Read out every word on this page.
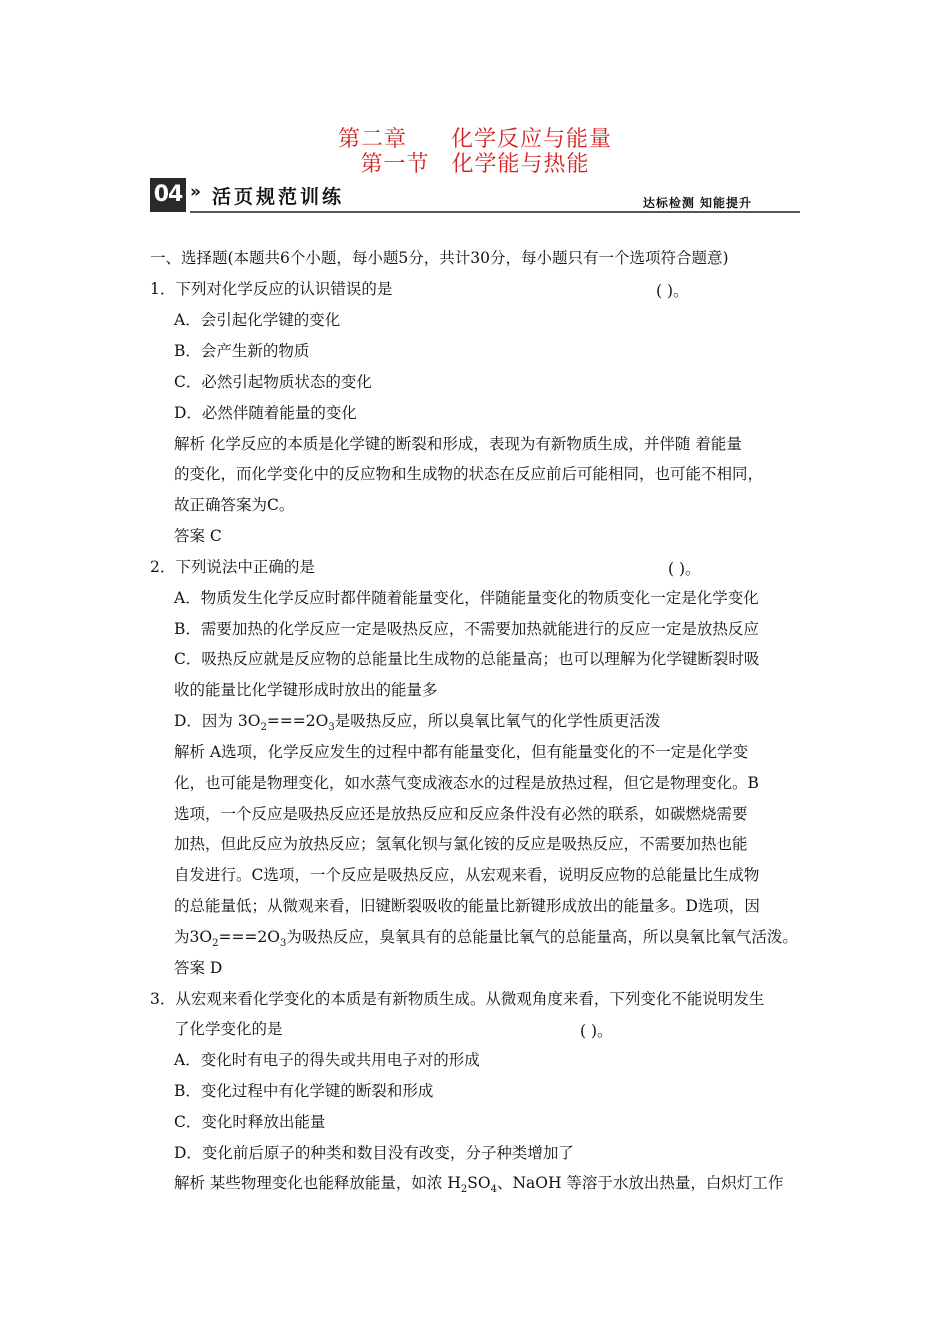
第二章 化学反应与能量
第一节 化学能与热能
04 » 活页规范训练	达标检测 知能提升
一、选择题(本题共6个小题，每小题5分，共计30分，每小题只有一个选项符合题意)
1．下列对化学反应的认识错误的是	( )。
A．会引起化学键的变化
B．会产生新的物质
C．必然引起物质状态的变化
D．必然伴随着能量的变化
解析 化学反应的本质是化学键的断裂和形成，表现为有新物质生成，并伴随 着能量
的变化，而化学变化中的反应物和生成物的状态在反应前后可能相同，也可能不相同，
故正确答案为C。
答案 C
2．下列说法中正确的是	( )。
A．物质发生化学反应时都伴随着能量变化，伴随能量变化的物质变化一定是化学变化
B．需要加热的化学反应一定是吸热反应，不需要加热就能进行的反应一定是放热反应
C．吸热反应就是反应物的总能量比生成物的总能量高；也可以理解为化学键断裂时吸
收的能量比化学键形成时放出的能量多
D．因为 $3O_2===2O_3$是吸热反应，所以臭氧比氧气的化学性质更活泼
解析 A选项，化学反应发生的过程中都有能量变化，但有能量变化的不一定是化学变
化，也可能是物理变化，如水蒸气变成液态水的过程是放热过程，但它是物理变化。B
选项，一个反应是吸热反应还是放热反应和反应条件没有必然的联系，如碳燃烧需要
加热，但此反应为放热反应；氢氧化钡与氯化铵的反应是吸热反应，不需要加热也能
自发进行。C选项，一个反应是吸热反应，从宏观来看，说明反应物的总能量比生成物
的总能量低；从微观来看，旧键断裂吸收的能量比新键形成放出的能量多。D选项，因
为$3O_2===2O_3$为吸热反应，臭氧具有的总能量比氧气的总能量高，所以臭氧比氧气活泼。
答案 D
3．从宏观来看化学变化的本质是有新物质生成。从微观角度来看，下列变化不能说明发生
了化学变化的是	( )。
A．变化时有电子的得失或共用电子对的形成
B．变化过程中有化学键的断裂和形成
C．变化时释放出能量
D．变化前后原子的种类和数目没有改变，分子种类增加了
解析 某些物理变化也能释放能量，如浓 $H_2SO_4$、NaOH 等溶于水放出热量，白炽灯工作
